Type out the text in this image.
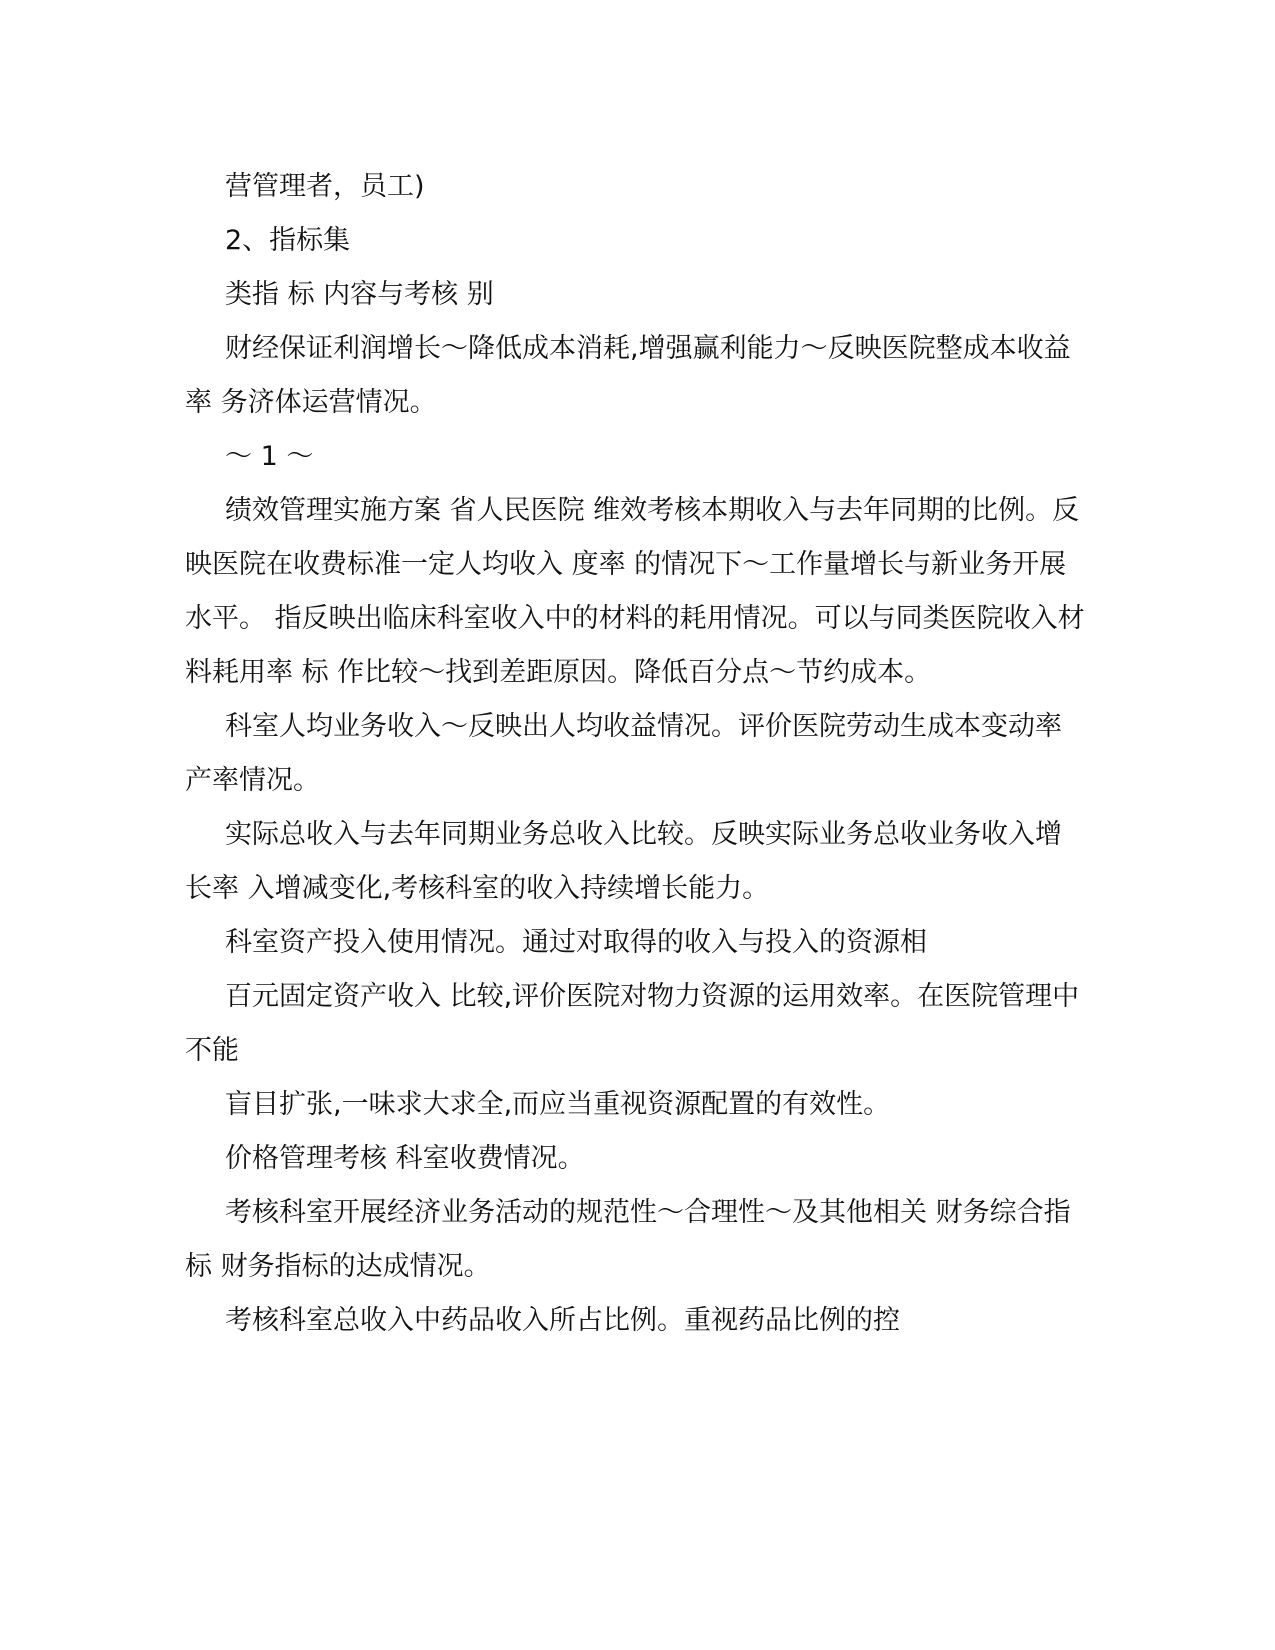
营管理者，员工)

2、指标集

类指 标 内容与考核 别

财经保证利润增长～降低成本消耗,增强赢利能力～反映医院整成本收益率 务济体运营情况。

～ 1 ～

绩效管理实施方案 省人民医院 维效考核本期收入与去年同期的比例。反映医院在收费标准一定人均收入 度率 的情况下～工作量增长与新业务开展水平。 指反映出临床科室收入中的材料的耗用情况。可以与同类医院收入材料耗用率 标 作比较～找到差距原因。降低百分点～节约成本。

科室人均业务收入～反映出人均收益情况。评价医院劳动生成本变动率 产率情况。

实际总收入与去年同期业务总收入比较。反映实际业务总收业务收入增长率 入增减变化,考核科室的收入持续增长能力。

科室资产投入使用情况。通过对取得的收入与投入的资源相

百元固定资产收入 比较,评价医院对物力资源的运用效率。在医院管理中不能

盲目扩张,一味求大求全,而应当重视资源配置的有效性。

价格管理考核 科室收费情况。

考核科室开展经济业务活动的规范性～合理性～及其他相关 财务综合指标 财务指标的达成情况。

考核科室总收入中药品收入所占比例。重视药品比例的控
